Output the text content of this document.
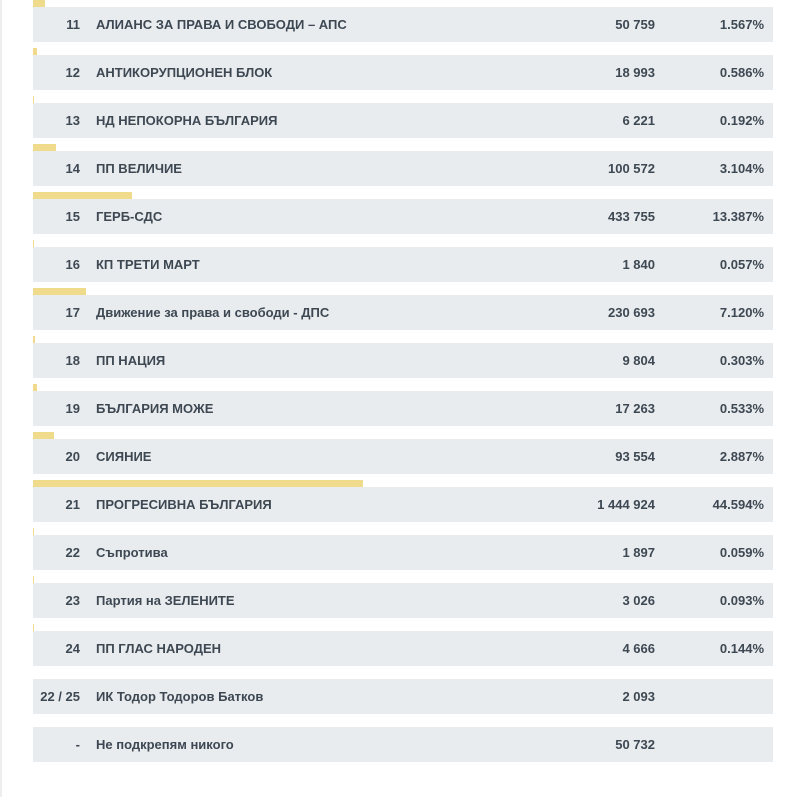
11 АЛИАНС ЗА ПРАВА И СВОБОДИ – АПС	50 759	1.567%
12 АНТИКОРУПЦИОНЕН БЛОК	18 993	0.586%
13 НД НЕПОКОРНА БЪЛГАРИЯ	6 221	0.192%
14 ПП ВЕЛИЧИЕ	100 572	3.104%
15 ГЕРБ-СДС	433 755	13.387%
16 КП ТРЕТИ МАРТ	1 840	0.057%
17 Движение за права и свободи - ДПС	230 693	7.120%
18 ПП НАЦИЯ	9 804	0.303%
19 БЪЛГАРИЯ МОЖЕ	17 263	0.533%
20 СИЯНИЕ	93 554	2.887%
21 ПРОГРЕСИВНА БЪЛГАРИЯ	1 444 924	44.594%
22 Съпротива	1 897	0.059%
23 Партия на ЗЕЛЕНИТЕ	3 026	0.093%
24 ПП ГЛАС НАРОДЕН	4 666	0.144%
22 / 25 ИК Тодор Тодоров Батков	2 093
- Не подкрепям никого	50 732
